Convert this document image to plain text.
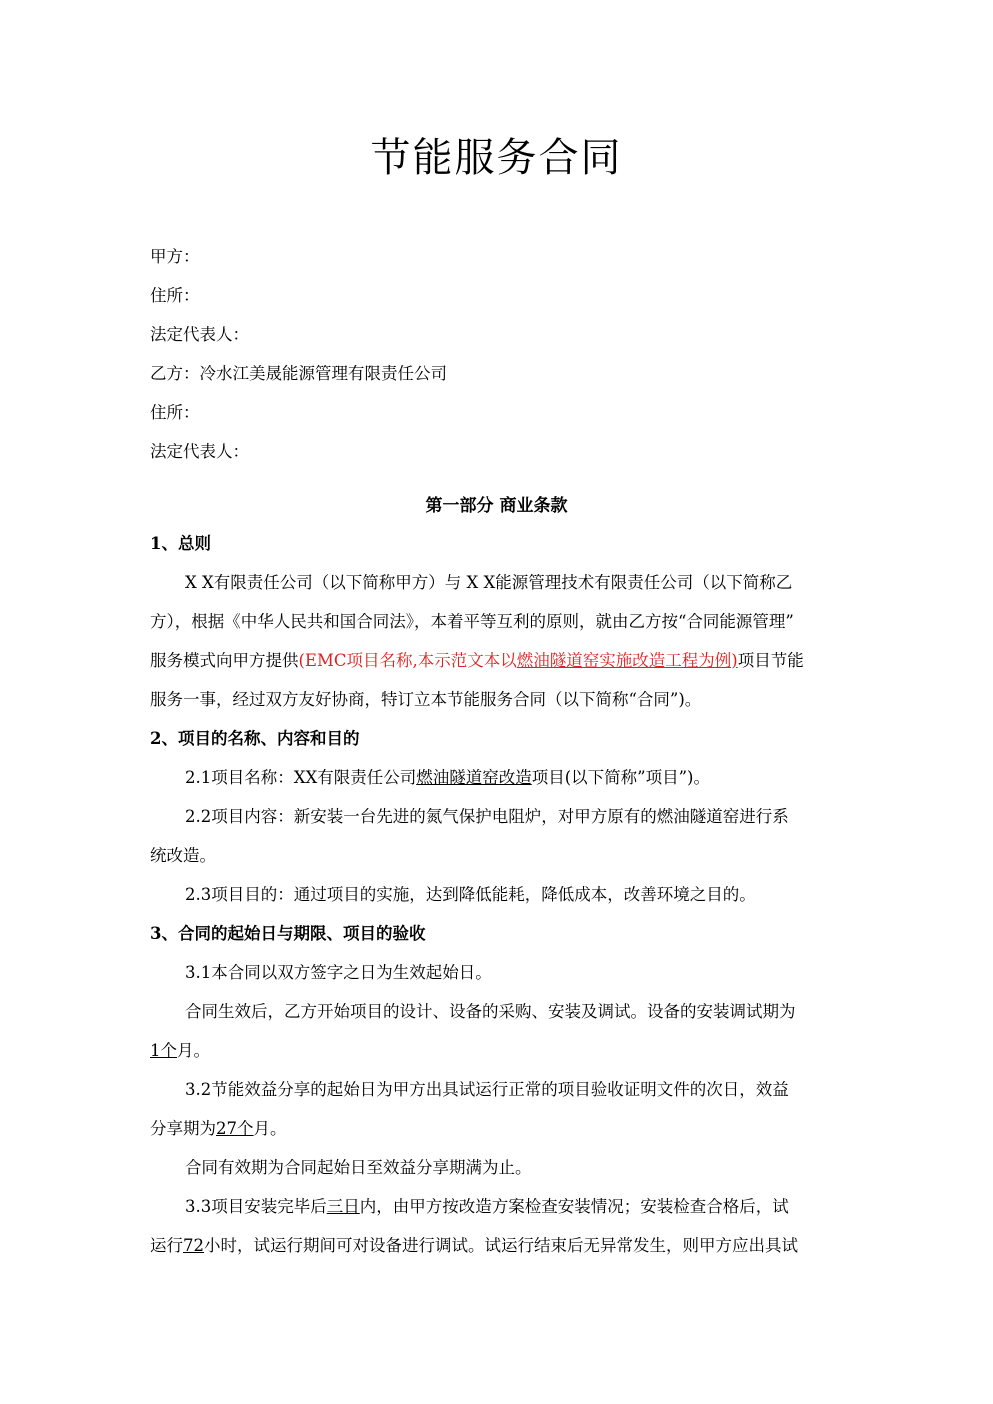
节能服务合同
甲方：
住所：
法定代表人：
乙方：冷水江美晟能源管理有限责任公司
住所：
法定代表人：
第一部分 商业条款
1、总则
X X有限责任公司（以下简称甲方）与 X X能源管理技术有限责任公司（以下简称乙
方），根据《中华人民共和国合同法》，本着平等互利的原则，就由乙方按“合同能源管理”
服务模式向甲方提供(EMC项目名称,本示范文本以燃油隧道窑实施改造工程为例)项目节能
服务一事，经过双方友好协商，特订立本节能服务合同（以下简称“合同”)。
2、项目的名称、内容和目的
2.1项目名称：XX有限责任公司燃油隧道窑改造项目(以下简称”项目”)。
2.2项目内容：新安装一台先进的氮气保护电阻炉，对甲方原有的燃油隧道窑进行系
统改造。
2.3项目目的：通过项目的实施，达到降低能耗，降低成本，改善环境之目的。
3、合同的起始日与期限、项目的验收
3.1本合同以双方签字之日为生效起始日。
合同生效后，乙方开始项目的设计、设备的采购、安装及调试。设备的安装调试期为
1个月。
3.2节能效益分享的起始日为甲方出具试运行正常的项目验收证明文件的次日，效益
分享期为27个月。
合同有效期为合同起始日至效益分享期满为止。
3.3项目安装完毕后三日内，由甲方按改造方案检查安装情况；安装检查合格后，试
运行72小时，试运行期间可对设备进行调试。试运行结束后无异常发生，则甲方应出具试
